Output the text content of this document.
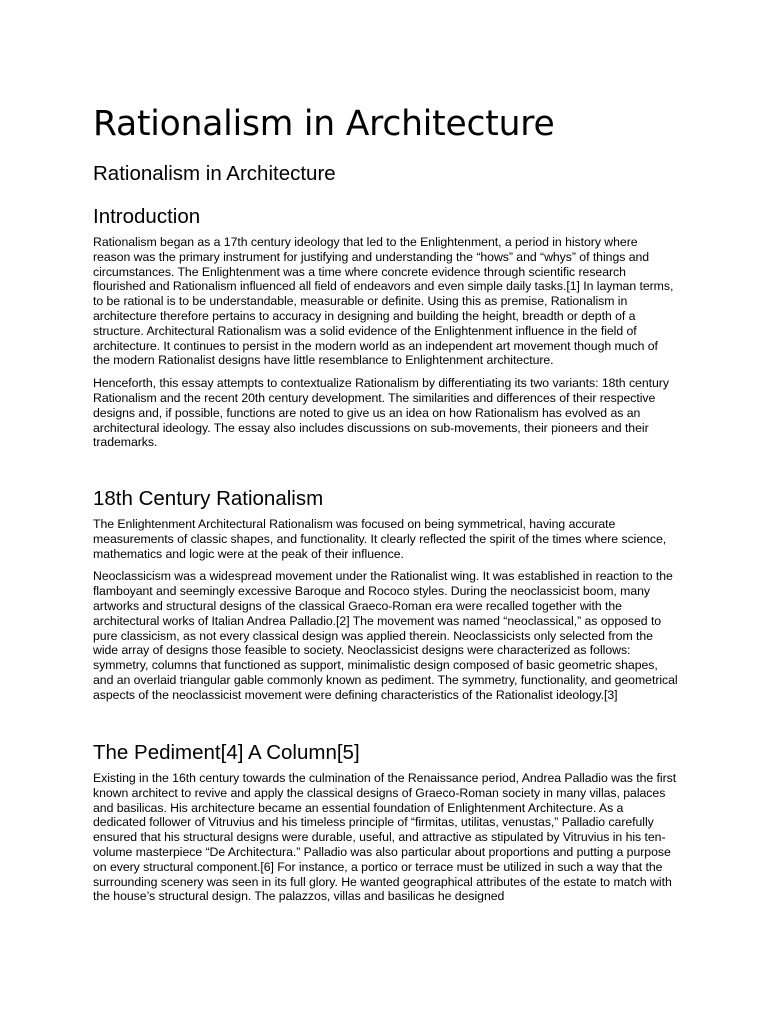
Rationalism in Architecture
Rationalism in Architecture
Introduction

Rationalism began as a 17th century ideology that led to the Enlightenment, a period in history where reason was the primary instrument for justifying and understanding the “hows” and “whys” of things and circumstances. The Enlightenment was a time where concrete evidence through scientific research flourished and Rationalism influenced all field of endeavors and even simple daily tasks.[1] In layman terms, to be rational is to be understandable, measurable or definite. Using this as premise, Rationalism in architecture therefore pertains to accuracy in designing and building the height, breadth or depth of a structure. Architectural Rationalism was a solid evidence of the Enlightenment influence in the field of architecture. It continues to persist in the modern world as an independent art movement though much of the modern Rationalist designs have little resemblance to Enlightenment architecture.

Henceforth, this essay attempts to contextualize Rationalism by differentiating its two variants: 18th century Rationalism and the recent 20th century development. The similarities and differences of their respective designs and, if possible, functions are noted to give us an idea on how Rationalism has evolved as an architectural ideology. The essay also includes discussions on sub-movements, their pioneers and their trademarks.

18th Century Rationalism

The Enlightenment Architectural Rationalism was focused on being symmetrical, having accurate measurements of classic shapes, and functionality. It clearly reflected the spirit of the times where science, mathematics and logic were at the peak of their influence.

Neoclassicism was a widespread movement under the Rationalist wing. It was established in reaction to the flamboyant and seemingly excessive Baroque and Rococo styles. During the neoclassicist boom, many artworks and structural designs of the classical Graeco-Roman era were recalled together with the architectural works of Italian Andrea Palladio.[2] The movement was named “neoclassical,” as opposed to pure classicism, as not every classical design was applied therein. Neoclassicists only selected from the wide array of designs those feasible to society. Neoclassicist designs were characterized as follows: symmetry, columns that functioned as support, minimalistic design composed of basic geometric shapes, and an overlaid triangular gable commonly known as pediment. The symmetry, functionality, and geometrical aspects of the neoclassicist movement were defining characteristics of the Rationalist ideology.[3]

The Pediment[4] A Column[5]

Existing in the 16th century towards the culmination of the Renaissance period, Andrea Palladio was the first known architect to revive and apply the classical designs of Graeco-Roman society in many villas, palaces and basilicas. His architecture became an essential foundation of Enlightenment Architecture. As a dedicated follower of Vitruvius and his timeless principle of “firmitas, utilitas, venustas,” Palladio carefully ensured that his structural designs were durable, useful, and attractive as stipulated by Vitruvius in his ten-volume masterpiece “De Architectura.” Palladio was also particular about proportions and putting a purpose on every structural component.[6] For instance, a portico or terrace must be utilized in such a way that the surrounding scenery was seen in its full glory. He wanted geographical attributes of the estate to match with the house’s structural design. The palazzos, villas and basilicas he designed
